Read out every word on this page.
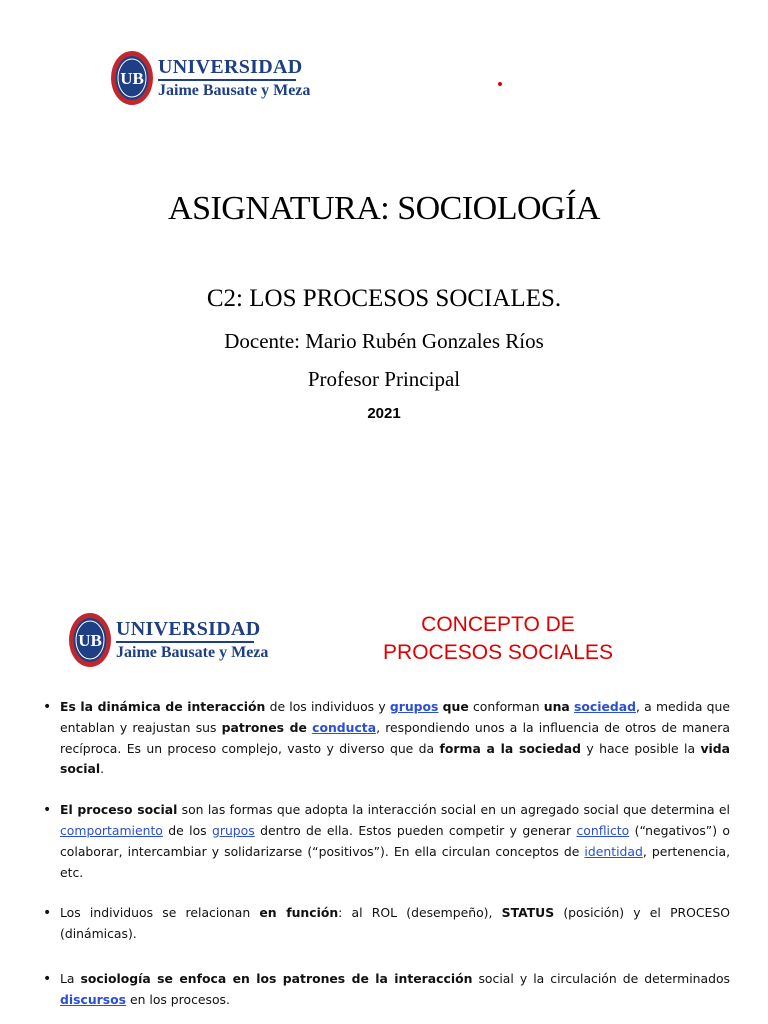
UB
UNIVERSIDAD
Jaime Bausate y Meza
ASIGNATURA: SOCIOLOGÍA
C2: LOS PROCESOS SOCIALES.
Docente: Mario Rubén Gonzales Ríos
Profesor Principal
2021
UB
UNIVERSIDAD
Jaime Bausate y Meza
CONCEPTO DE
PROCESOS SOCIALES
• Es la dinámica de interacción de los individuos y grupos que conforman una sociedad, a medida que entablan y reajustan sus patrones de conducta, respondiendo unos a la influencia de otros de manera recíproca. Es un proceso complejo, vasto y diverso que da forma a la sociedad y hace posible la vida social.
• El proceso social son las formas que adopta la interacción social en un agregado social que determina el comportamiento de los grupos dentro de ella. Estos pueden competir y generar conflicto (“negativos”) o colaborar, intercambiar y solidarizarse (“positivos”). En ella circulan conceptos de identidad, pertenencia, etc.
• Los individuos se relacionan en función: al ROL (desempeño), STATUS (posición) y el PROCESO (dinámicas).
• La sociología se enfoca en los patrones de la interacción social y la circulación de determinados discursos en los procesos.
